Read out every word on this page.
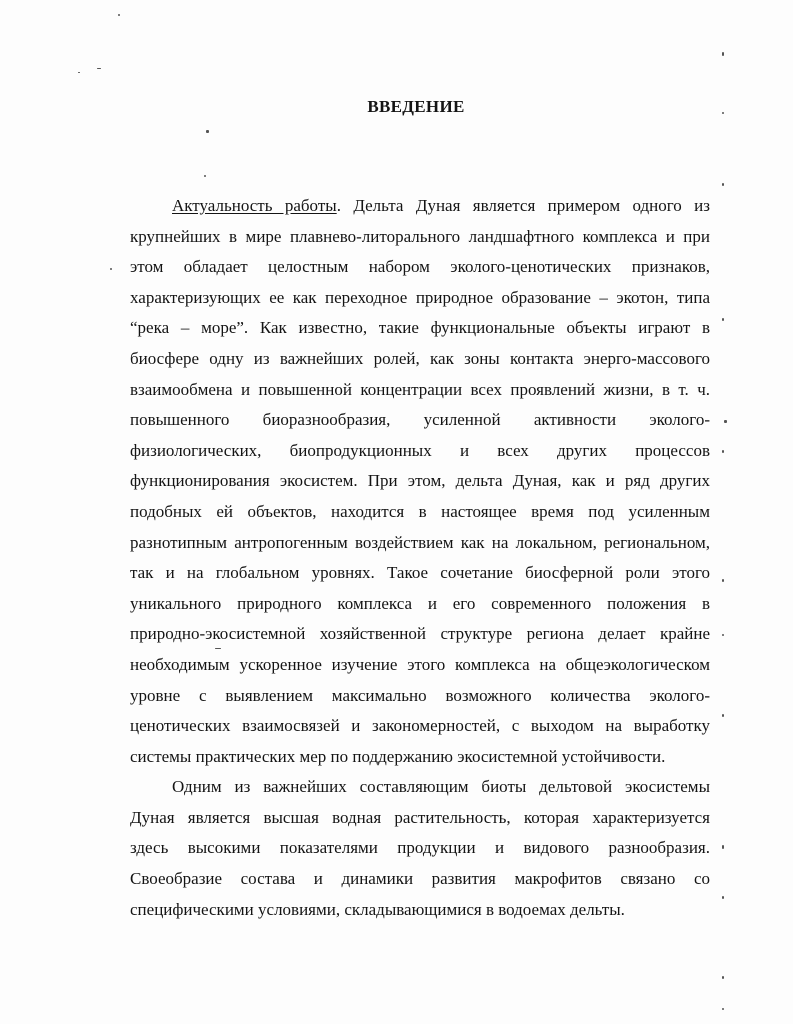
ВВЕДЕНИЕ
Актуальность работы. Дельта Дуная является примером одного из
крупнейших в мире плавнево-литорального ландшафтного комплекса и при
этом обладает целостным набором эколого-ценотических признаков,
характеризующих ее как переходное природное образование – экотон, типа
“река – море”. Как известно, такие функциональные объекты играют в
биосфере одну из важнейших ролей, как зоны контакта энерго-массового
взаимообмена и повышенной концентрации всех проявлений жизни, в т. ч.
повышенного биоразнообразия, усиленной активности эколого-
физиологических, биопродукционных и всех других процессов
функционирования экосистем. При этом, дельта Дуная, как и ряд других
подобных ей объектов, находится в настоящее время под усиленным
разнотипным антропогенным воздействием как на локальном, региональном,
так и на глобальном уровнях. Такое сочетание биосферной роли этого
уникального природного комплекса и его современного положения в
природно-экосистемной хозяйственной структуре региона делает крайне
необходимым ускоренное изучение этого комплекса на общеэкологическом
уровне с выявлением максимально возможного количества эколого-
ценотических взаимосвязей и закономерностей, с выходом на выработку
системы практических мер по поддержанию экосистемной устойчивости.
Одним из важнейших составляющим биоты дельтовой экосистемы
Дуная является высшая водная растительность, которая характеризуется
здесь высокими показателями продукции и видового разнообразия.
Своеобразие состава и динамики развития макрофитов связано со
специфическими условиями, складывающимися в водоемах дельты.
